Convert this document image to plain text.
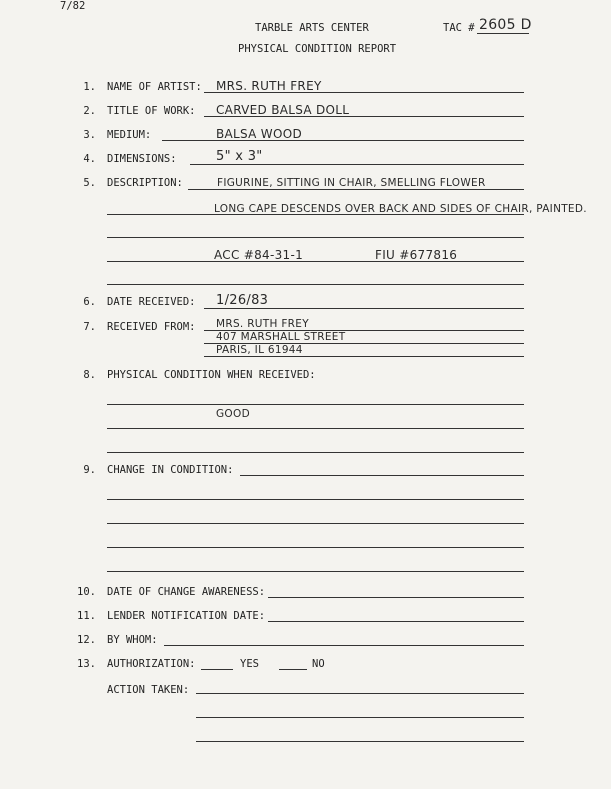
7/82
TARBLE ARTS CENTER	TAC # 2605 D
PHYSICAL CONDITION REPORT
1. NAME OF ARTIST: MRS. RUTH FREY
2. TITLE OF WORK: CARVED BALSA DOLL
3. MEDIUM:	BALSA WOOD
4. DIMENSIONS:	5" x 3"
5. DESCRIPTION:	FIGURINE, SITTING IN CHAIR, SMELLING FLOWER
LONG CAPE DESCENDS OVER BACK AND SIDES OF CHAIR, PAINTED.
ACC #84-31-1	FIU #677816
6. DATE RECEIVED: 1/26/83
7. RECEIVED FROM: MRS. RUTH FREY
407 MARSHALL STREET
PARIS, IL 61944
8. PHYSICAL CONDITION WHEN RECEIVED:
GOOD
9. CHANGE IN CONDITION:
10. DATE OF CHANGE AWARENESS:
11. LENDER NOTIFICATION DATE:
12. BY WHOM:
13. AUTHORIZATION:	YES	NO
ACTION TAKEN:
